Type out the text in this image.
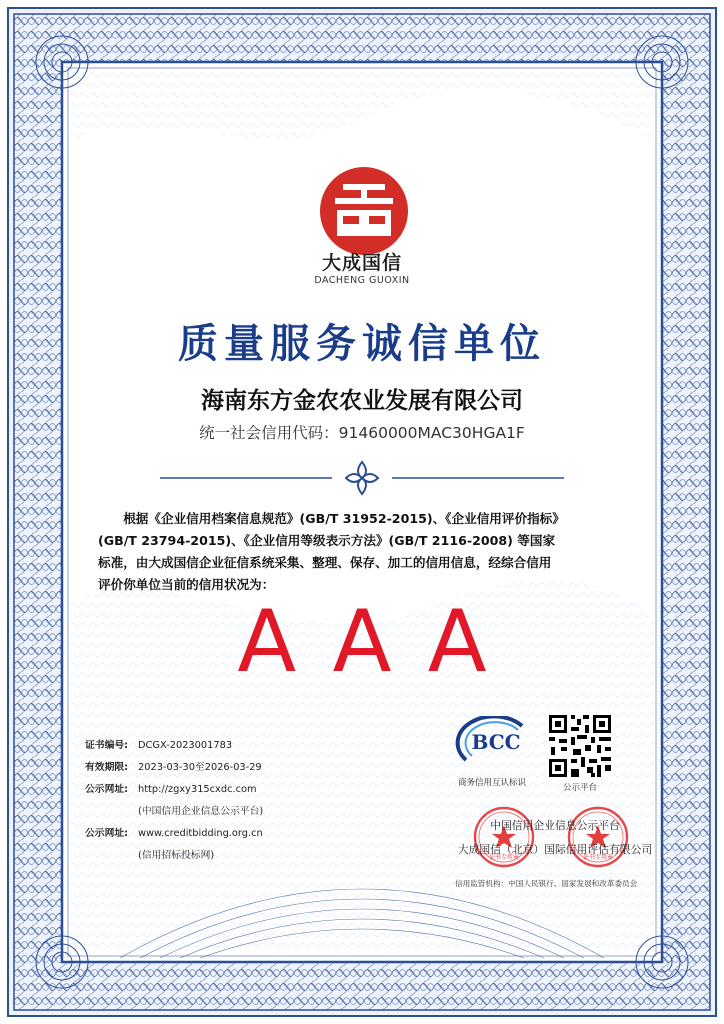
大成国信
DACHENG GUOXIN
质量服务诚信单位
海南东方金农农业发展有限公司
统一社会信用代码：91460000MAC30HGA1F

根据《企业信用档案信息规范》(GB/T 31952-2015)、《企业信用评价指标》

(GB/T 23794-2015)、《企业信用等级表示方法》(GB/T 2116-2008) 等国家

标准，由大成国信企业征信系统采集、整理、保存、加工的信用信息，经综合信用

评价你单位当前的信用状况为：

AAA
证书编号: DCGX-2023001783
有效期限: 2023-03-30至2026-03-29
公示网址: http://zgxy315cxdc.com
(中国信用企业信息公示平台)
公示网址: www.creditbidding.org.cn
(信用招标投标网)
BCC
商务信用互认标识	公示平台
证书专用章	证书专用章
中国信用企业信息公示平台
大成国信（北京）国际信用评估有限公司
信用监管机构：中国人民银行、国家发展和改革委员会
